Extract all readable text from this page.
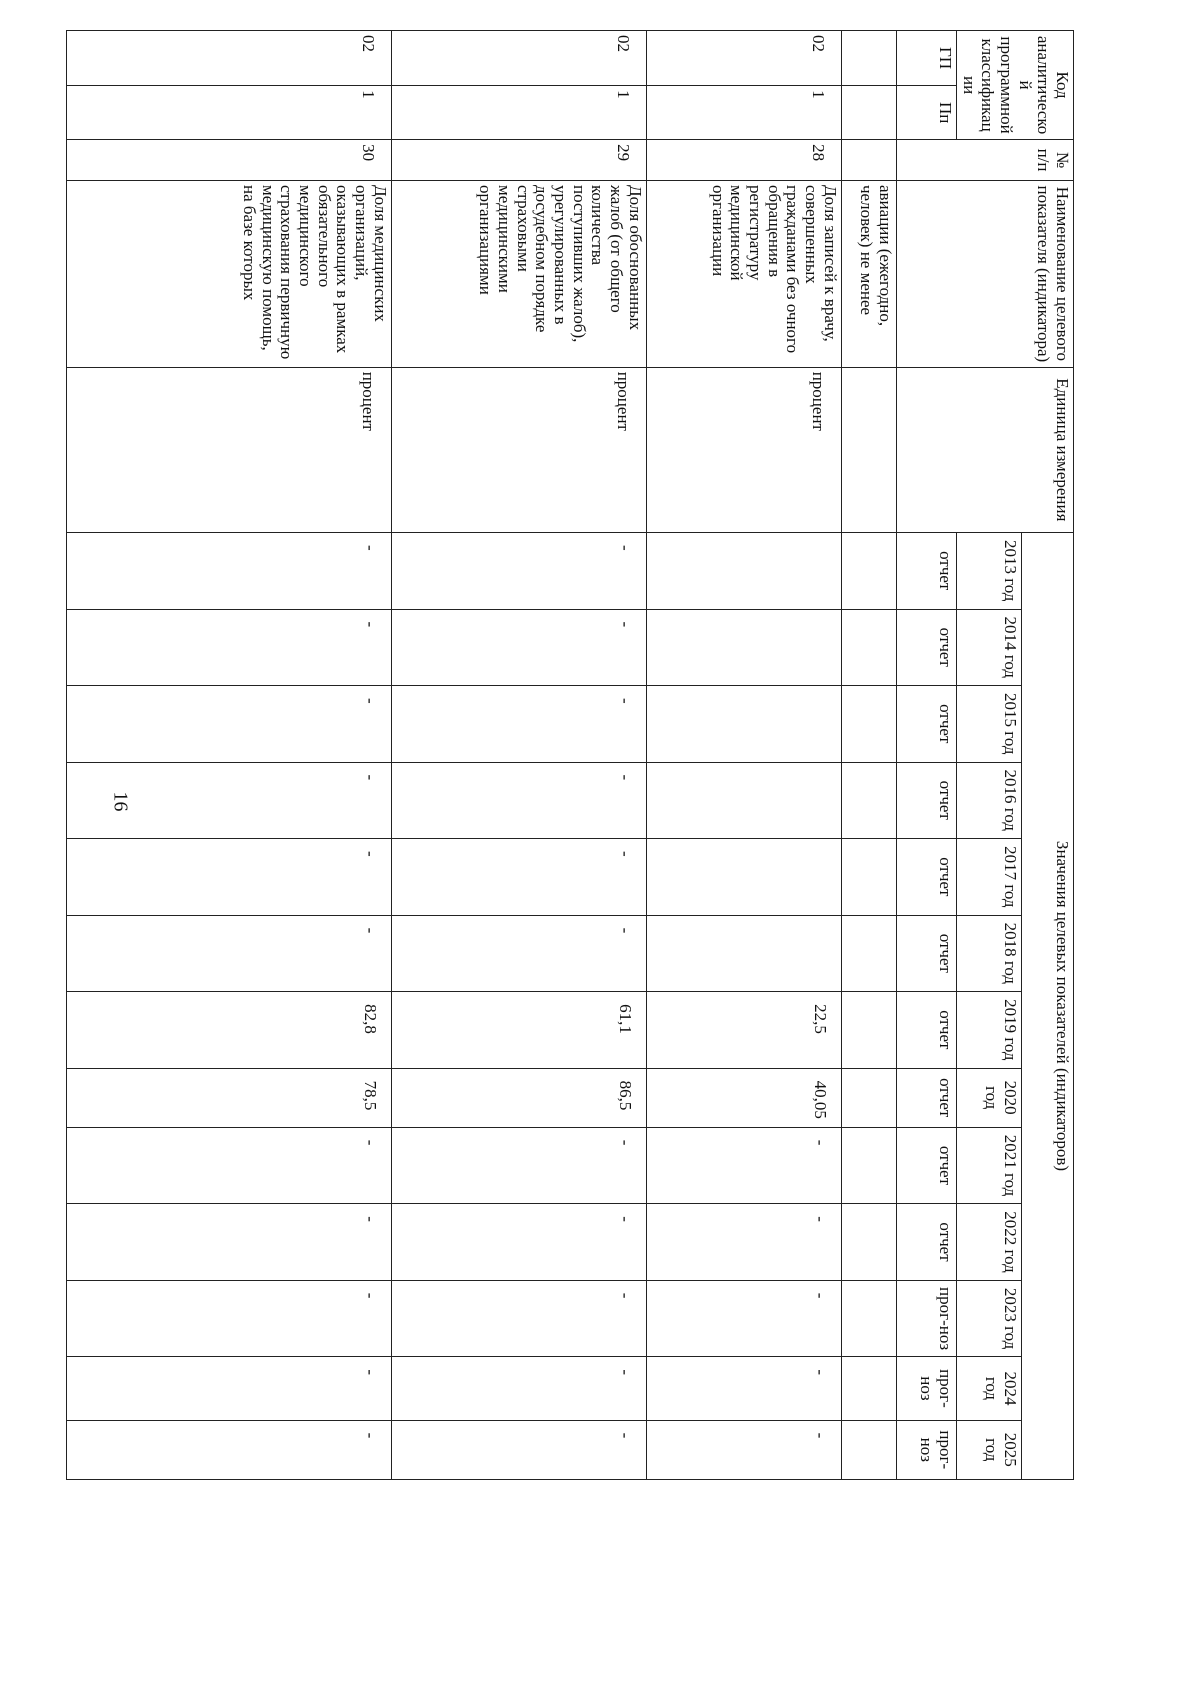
16
Код аналитической программной классификации		№ п/п	Наименование целевого показателя (индикатора)	Единица измерения	Значения целевых показателей (индикаторов)												
					2013 год	2014 год	2015 год	2016 год	2017 год	2018 год	2019 год	2020 год	2021 год	2022 год	2023 год	2024 год	2025 год
ГП	Пп				отчет	отчет	отчет	отчет	отчет	отчет	отчет	отчет	отчет	отчет	прог-ноз	прог-ноз	прог-ноз
			авиации (ежегодно, человек) не менее														
02	1	28	Доля записей к врачу, совершенных гражданами без очного обращения в регистратуру медицинской организации	процент							22,5	40,05	-	-	-	-	-
02	1	29	Доля обоснованных жалоб (от общего количества поступивших жалоб), урегулированных в досудебном порядке страховыми медицинскими организациями	процент	-	-	-	-	-	-	61,1	86,5	-	-	-	-	-
02	1	30	Доля медицинских организаций, оказывающих в рамках обязательного медицинского страхования первичную медицинскую помощь, на базе которых	процент	-	-	-	-	-	-	82,8	78,5	-	-	-	-	-
